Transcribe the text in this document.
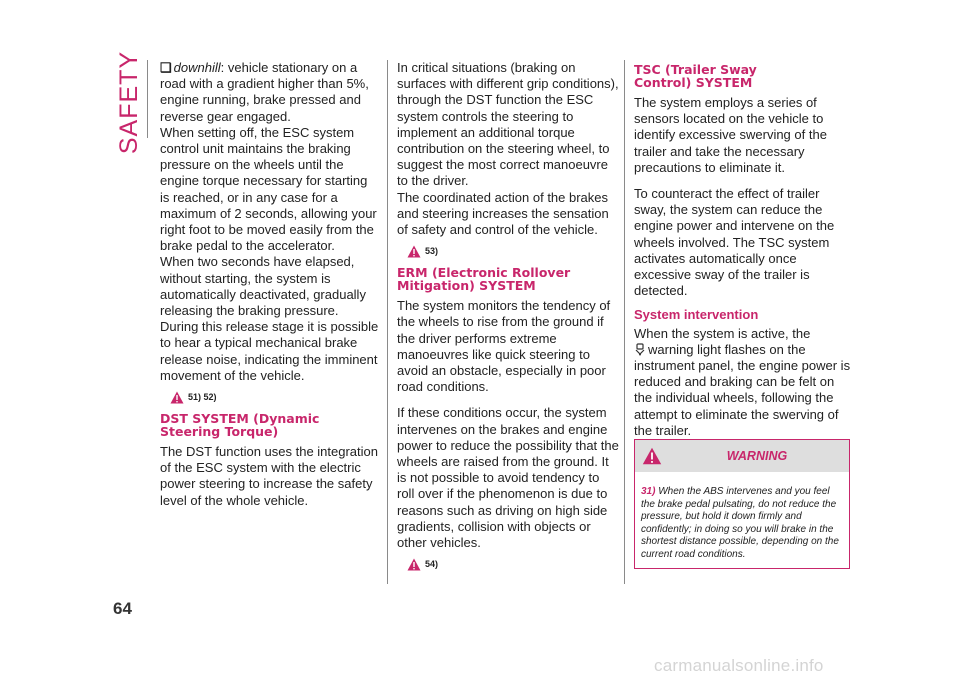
SAFETY ❏ downhill: vehicle stationary on a road with a gradient higher than 5%, engine running, brake pressed and reverse gear engaged.

When setting off, the ESC system control unit maintains the braking pressure on the wheels until the engine torque necessary for starting is reached, or in any case for a maximum of 2 seconds, allowing your right foot to be moved easily from the brake pedal to the accelerator.

When two seconds have elapsed, without starting, the system is automatically deactivated, gradually releasing the braking pressure. During this release stage it is possible to hear a typical mechanical brake release noise, indicating the imminent movement of the vehicle.

51) 52)
DST SYSTEM (Dynamic
Steering Torque)

The DST function uses the integration of the ESC system with the electric power steering to increase the safety level of the whole vehicle.

In critical situations (braking on surfaces with different grip conditions), through the DST function the ESC system controls the steering to implement an additional torque contribution on the steering wheel, to suggest the most correct manoeuvre to the driver.

The coordinated action of the brakes and steering increases the sensation of safety and control of the vehicle.

53)
ERM (Electronic Rollover
Mitigation) SYSTEM

The system monitors the tendency of the wheels to rise from the ground if the driver performs extreme manoeuvres like quick steering to avoid an obstacle, especially in poor road conditions.

If these conditions occur, the system intervenes on the brakes and engine power to reduce the possibility that the wheels are raised from the ground. It is not possible to avoid tendency to roll over if the phenomenon is due to reasons such as driving on high side gradients, collision with objects or other vehicles.

54)
TSC (Trailer Sway
Control) SYSTEM

The system employs a series of sensors located on the vehicle to identify excessive swerving of the trailer and take the necessary precautions to eliminate it.

To counteract the effect of trailer sway, the system can reduce the engine power and intervene on the wheels involved. The TSC system activates automatically once excessive sway of the trailer is detected.

System intervention

When the system is active, the
warning light flashes on the instrument panel, the engine power is reduced and braking can be felt on the individual wheels, following the attempt to eliminate the swerving of the trailer.

WARNING
31) When the ABS intervenes and you feel the brake pedal pulsating, do not reduce the pressure, but hold it down firmly and confidently; in doing so you will brake in the shortest distance possible, depending on the current road conditions.
64
carmanualsonline.info
